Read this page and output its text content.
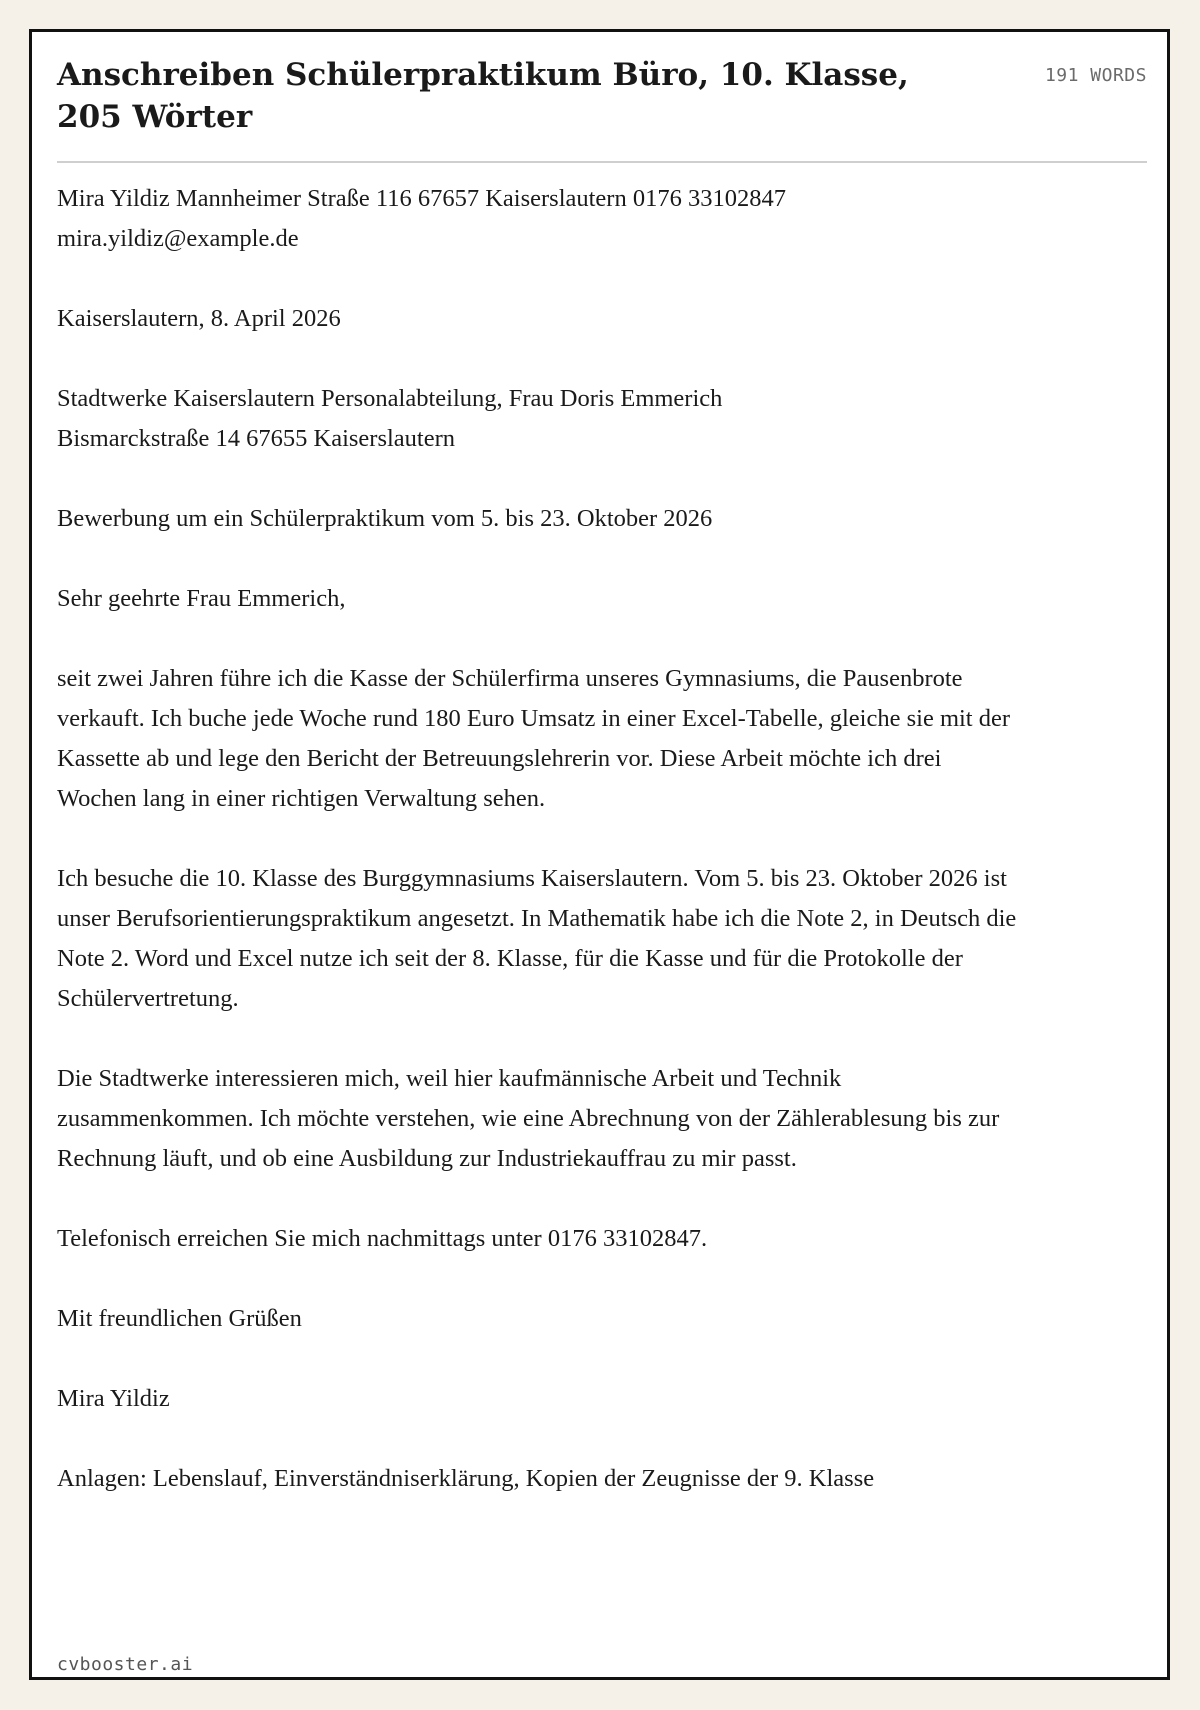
Anschreiben Schülerpraktikum Büro, 10. Klasse, 205 Wörter
191 WORDS

Mira Yildiz Mannheimer Straße 116 67657 Kaiserslautern 0176 33102847 mira.yildiz@example.de

Kaiserslautern, 8. April 2026

Stadtwerke Kaiserslautern Personalabteilung, Frau Doris Emmerich
Bismarckstraße 14 67655 Kaiserslautern

Bewerbung um ein Schülerpraktikum vom 5. bis 23. Oktober 2026

Sehr geehrte Frau Emmerich,

seit zwei Jahren führe ich die Kasse der Schülerfirma unseres Gymnasiums, die Pausenbrote verkauft. Ich buche jede Woche rund 180 Euro Umsatz in einer Excel-Tabelle, gleiche sie mit der Kassette ab und lege den Bericht der Betreuungslehrerin vor. Diese Arbeit möchte ich drei Wochen lang in einer richtigen Verwaltung sehen.

Ich besuche die 10. Klasse des Burggymnasiums Kaiserslautern. Vom 5. bis 23. Oktober 2026 ist unser Berufsorientierungspraktikum angesetzt. In Mathematik habe ich die Note 2, in Deutsch die Note 2. Word und Excel nutze ich seit der 8. Klasse, für die Kasse und für die Protokolle der Schülervertretung.

Die Stadtwerke interessieren mich, weil hier kaufmännische Arbeit und Technik zusammenkommen. Ich möchte verstehen, wie eine Abrechnung von der Zählerablesung bis zur Rechnung läuft, und ob eine Ausbildung zur Industriekauffrau zu mir passt.

Telefonisch erreichen Sie mich nachmittags unter 0176 33102847.

Mit freundlichen Grüßen

Mira Yildiz

Anlagen: Lebenslauf, Einverständniserklärung, Kopien der Zeugnisse der 9. Klasse

cvbooster.ai
